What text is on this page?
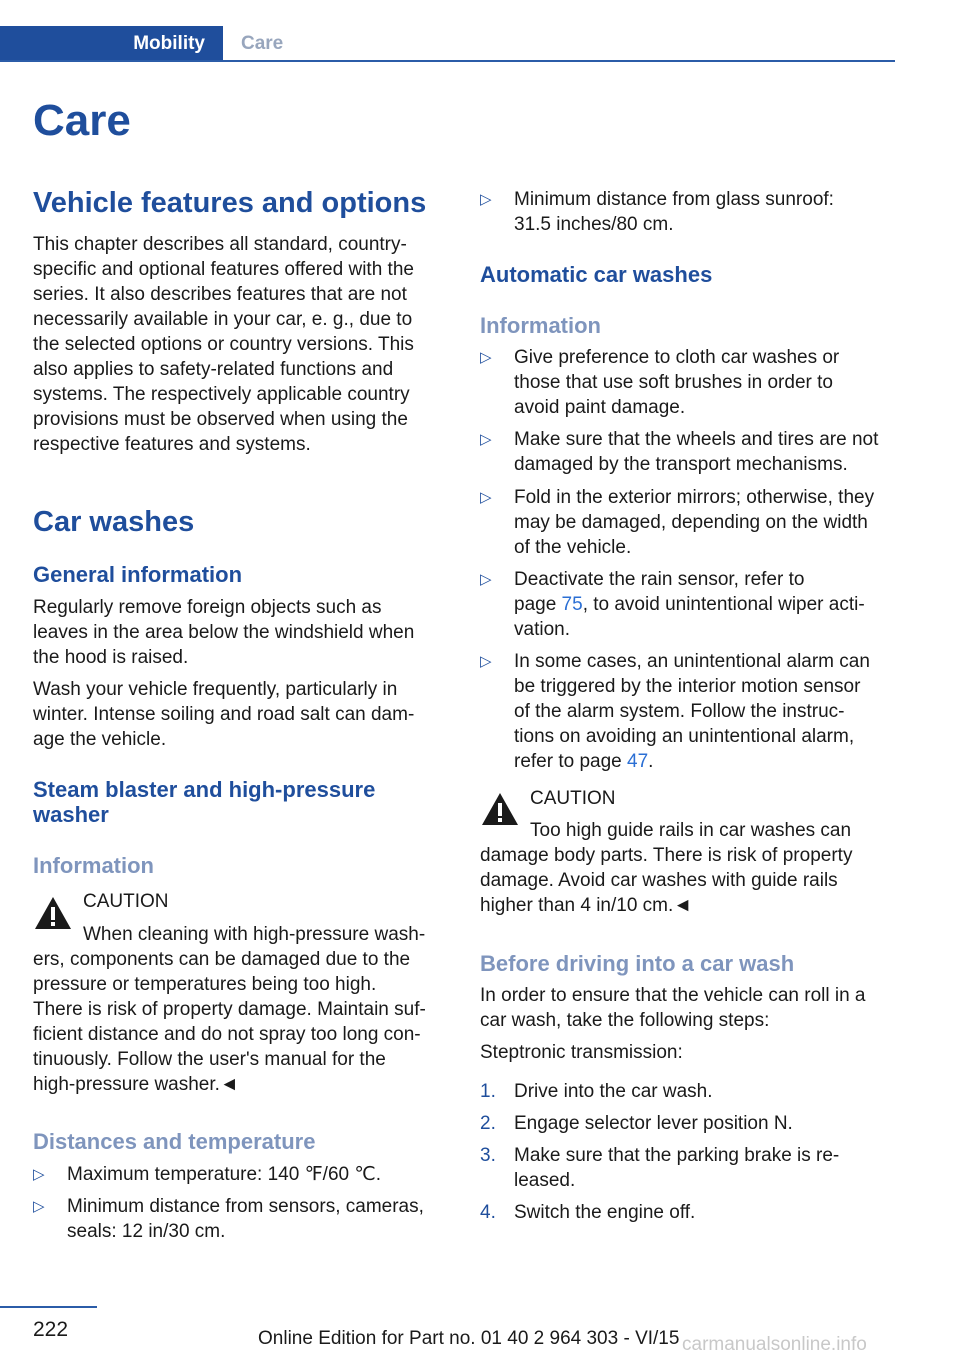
Mobility	Care
Care
Vehicle features and options
This chapter describes all standard, country-
specific and optional features offered with the
series. It also describes features that are not
necessarily available in your car, e. g., due to
the selected options or country versions. This
also applies to safety-related functions and
systems. The respectively applicable country
provisions must be observed when using the
respective features and systems.
Car washes
General information
Regularly remove foreign objects such as
leaves in the area below the windshield when
the hood is raised.
Wash your vehicle frequently, particularly in
winter. Intense soiling and road salt can dam-
age the vehicle.
Steam blaster and high-pressure
washer
Information
CAUTION
When cleaning with high-pressure wash-
ers, components can be damaged due to the
pressure or temperatures being too high.
There is risk of property damage. Maintain suf-
ficient distance and do not spray too long con-
tinuously. Follow the user's manual for the
high-pressure washer.◄
Distances and temperature
▷ Maximum temperature: 140 ℉/60 ℃.
▷ Minimum distance from sensors, cameras,
seals: 12 in/30 cm.
▷ Minimum distance from glass sunroof:
31.5 inches/80 cm.
Automatic car washes
Information
▷ Give preference to cloth car washes or
those that use soft brushes in order to
avoid paint damage.
▷ Make sure that the wheels and tires are not
damaged by the transport mechanisms.
▷ Fold in the exterior mirrors; otherwise, they
may be damaged, depending on the width
of the vehicle.
▷ Deactivate the rain sensor, refer to
page 75, to avoid unintentional wiper acti-
vation.
▷ In some cases, an unintentional alarm can
be triggered by the interior motion sensor
of the alarm system. Follow the instruc-
tions on avoiding an unintentional alarm,
refer to page 47.
CAUTION
Too high guide rails in car washes can
damage body parts. There is risk of property
damage. Avoid car washes with guide rails
higher than 4 in/10 cm.◄
Before driving into a car wash
In order to ensure that the vehicle can roll in a
car wash, take the following steps:
Steptronic transmission:
1. Drive into the car wash.
2. Engage selector lever position N.
3. Make sure that the parking brake is re-
leased.
4. Switch the engine off.
222	Online Edition for Part no. 01 40 2 964 303 - VI/15 carmanualsonline.info
